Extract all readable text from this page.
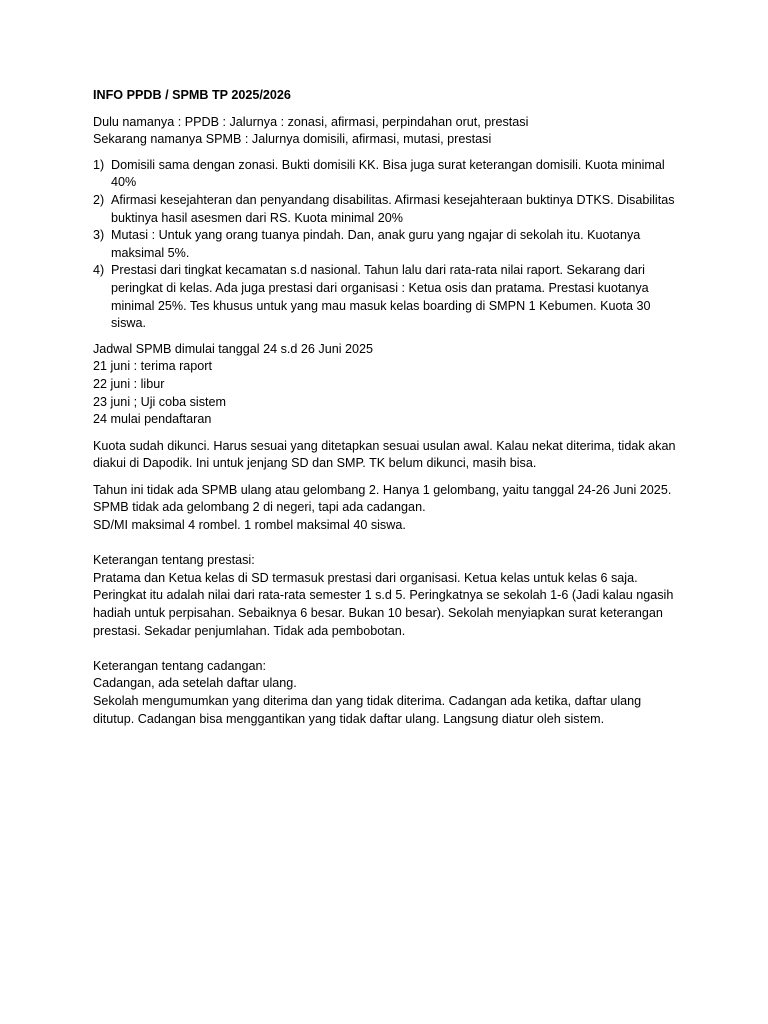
INFO PPDB / SPMB TP 2025/2026
Dulu namanya : PPDB : Jalurnya : zonasi, afirmasi, perpindahan orut, prestasi
Sekarang namanya SPMB : Jalurnya domisili, afirmasi, mutasi, prestasi
1) Domisili sama dengan zonasi. Bukti domisili KK. Bisa juga surat keterangan domisili. Kuota minimal
40%
2) Afirmasi kesejahteran dan penyandang disabilitas. Afirmasi kesejahteraan buktinya DTKS. Disabilitas
buktinya hasil asesmen dari RS. Kuota minimal 20%
3) Mutasi : Untuk yang orang tuanya pindah. Dan, anak guru yang ngajar di sekolah itu. Kuotanya
maksimal 5%.
4) Prestasi dari tingkat kecamatan s.d nasional. Tahun lalu dari rata-rata nilai raport. Sekarang dari
peringkat di kelas. Ada juga prestasi dari organisasi : Ketua osis dan pratama. Prestasi kuotanya
minimal 25%. Tes khusus untuk yang mau masuk kelas boarding di SMPN 1 Kebumen. Kuota 30
siswa.
Jadwal SPMB dimulai tanggal 24 s.d 26 Juni 2025
21 juni : terima raport
22 juni : libur
23 juni ; Uji coba sistem
24 mulai pendaftaran
Kuota sudah dikunci. Harus sesuai yang ditetapkan sesuai usulan awal. Kalau nekat diterima, tidak akan
diakui di Dapodik. Ini untuk jenjang SD dan SMP. TK belum dikunci, masih bisa.
Tahun ini tidak ada SPMB ulang atau gelombang 2. Hanya 1 gelombang, yaitu tanggal 24-26 Juni 2025.
SPMB tidak ada gelombang 2 di negeri, tapi ada cadangan.
SD/MI maksimal 4 rombel. 1 rombel maksimal 40 siswa.
Keterangan tentang prestasi:
Pratama dan Ketua kelas di SD termasuk prestasi dari organisasi. Ketua kelas untuk kelas 6 saja.
Peringkat itu adalah nilai dari rata-rata semester 1 s.d 5. Peringkatnya se sekolah 1-6 (Jadi kalau ngasih
hadiah untuk perpisahan. Sebaiknya 6 besar. Bukan 10 besar). Sekolah menyiapkan surat keterangan
prestasi. Sekadar penjumlahan. Tidak ada pembobotan.
Keterangan tentang cadangan:
Cadangan, ada setelah daftar ulang.
Sekolah mengumumkan yang diterima dan yang tidak diterima. Cadangan ada ketika, daftar ulang
ditutup. Cadangan bisa menggantikan yang tidak daftar ulang. Langsung diatur oleh sistem.
